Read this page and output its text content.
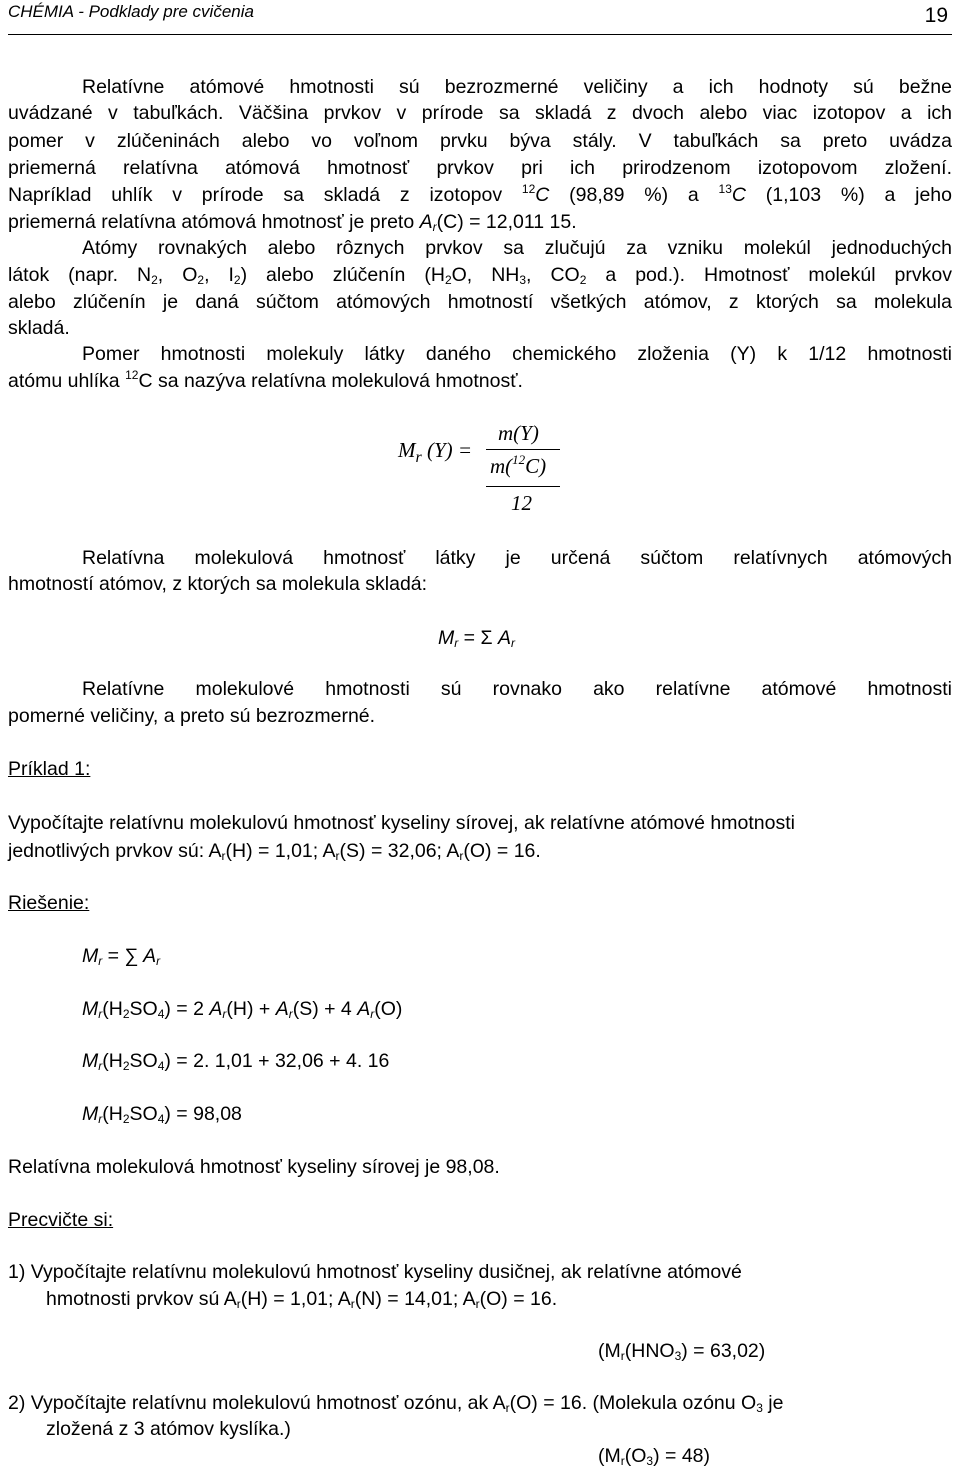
CHÉMIA - Podklady pre cvičenia	19
Relatívne atómové hmotnosti sú bezrozmerné veličiny a ich hodnoty sú bežne
uvádzané v tabuľkách. Väčšina prvkov v prírode sa skladá z dvoch alebo viac izotopov a ich
pomer v zlúčeninách alebo vo voľnom prvku býva stály. V tabuľkách sa preto uvádza
priemerná relatívna atómová hmotnosť prvkov pri ich prirodzenom izotopovom zložení.
Napríklad uhlík v prírode sa skladá z izotopov $^{12}$C (98,89 %) a $^{13}$C (1,103 %) a jeho
priemerná relatívna atómová hmotnosť je preto $A_r(C) = 12,011$ 15.
Atómy rovnakých alebo rôznych prvkov sa zlučujú za vzniku molekúl jednoduchých
látok (napr. $N_2$, $O_2$, $I_2$) alebo zlúčenín ($H_2O$, $NH_3$, $CO_2$ a pod.). Hmotnosť molekúl prvkov
alebo zlúčenín je daná súčtom atómových hmotností všetkých atómov, z ktorých sa molekula
skladá.
Pomer hmotnosti molekuly látky daného chemického zloženia (Y) k 1/12 hmotnosti
atómu uhlíka $^{12}$C sa nazýva relatívna molekulová hmotnosť.
$M_r$ (Y) =
m(Y)
m($^{12}$C)
12
Relatívna molekulová hmotnosť látky je určená súčtom relatívnych atómových
hmotností atómov, z ktorých sa molekula skladá:
$M_r = \Sigma$ $A_r$
Relatívne molekulové hmotnosti sú rovnako ako relatívne atómové hmotnosti
pomerné veličiny, a preto sú bezrozmerné.
Príklad 1:
Vypočítajte relatívnu molekulovú hmotnosť kyseliny sírovej, ak relatívne atómové hmotnosti
jednotlivých prvkov sú: $A_r(H) = 1,01$; $A_r(S) = 32,06$; $A_r(O) = 16$.
Riešenie:
$M_r$ = ∑ $A_r$
$M_r(H_2SO_4) = 2$ $A_r(H) + A_r(S) + 4$ $A_r(O)$
$M_r(H_2SO_4) = 2$. 1,01 + 32,06 + 4. 16
$M_r(H_2SO_4) = 98,08$
Relatívna molekulová hmotnosť kyseliny sírovej je 98,08.
Precvičte si:
1) Vypočítajte relatívnu molekulovú hmotnosť kyseliny dusičnej, ak relatívne atómové
hmotnosti prvkov sú $A_r(H) = 1,01$; $A_r(N) = 14,01$; $A_r(O) = 16$.
$(M_r(HNO_3) = 63,02)$
2) Vypočítajte relatívnu molekulovú hmotnosť ozónu, ak $A_r(O) = 16$. (Molekula ozónu $O_3$ je
zložená z 3 atómov kyslíka.)
$(M_r(O_3) = 48)$
